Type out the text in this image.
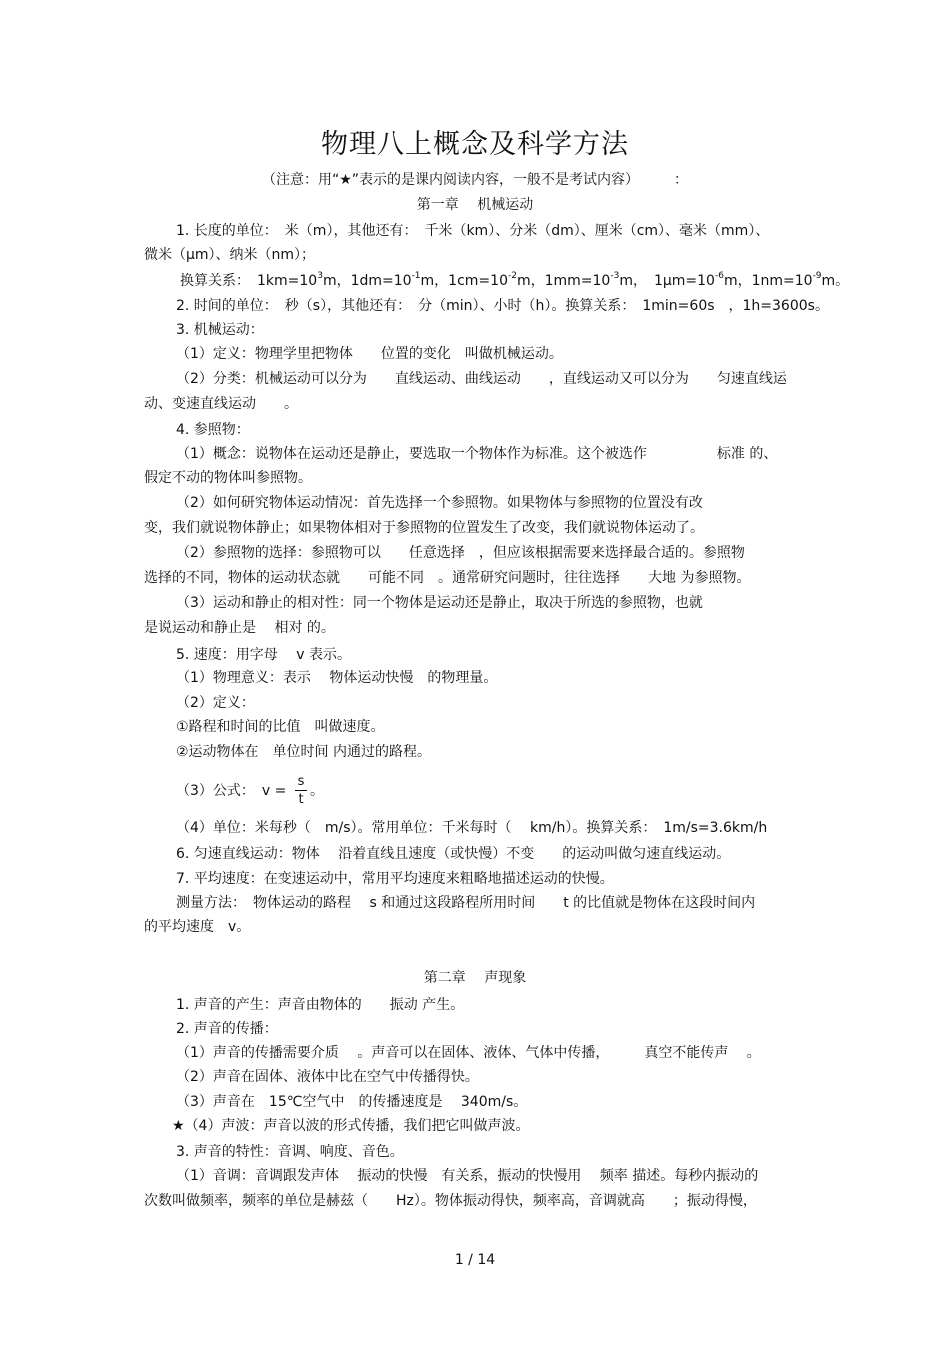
物理八上概念及科学方法
（注意：用“★”表示的是课内阅读内容，一般不是考试内容）　　　：
第一章　 机械运动
1. 长度的单位：　米（m），其他还有：　千米（km）、分米（dm）、厘米（cm）、毫米（mm）、
微米（μm）、纳米（nm）；
换算关系：　$1km=10^3m$，$1dm=10^{-1}m$，$1cm=10^{-2}m$，$1mm=10^{-3}m$，　$1\mu m=10^{-6}m$，$1nm=10^{-9}m$。
2. 时间的单位：　秒（s），其他还有：　分（min）、小时（h）。换算关系：　1min=60s　，1h=3600s。
3. 机械运动：
（1）定义：物理学里把物体　　位置的变化　叫做机械运动。
（2）分类：机械运动可以分为　　直线运动、曲线运动　　，直线运动又可以分为　　匀速直线运
动、变速直线运动　　。
4. 参照物：
（1）概念：说物体在运动还是静止，要选取一个物体作为标准。这个被选作　　　　　标准 的、
假定不动的物体叫参照物。
（2）如何研究物体运动情况：首先选择一个参照物。如果物体与参照物的位置没有改
变，我们就说物体静止；如果物体相对于参照物的位置发生了改变，我们就说物体运动了。
（2）参照物的选择：参照物可以　　任意选择　，但应该根据需要来选择最合适的。参照物
选择的不同，物体的运动状态就　　可能不同　。通常研究问题时，往往选择　　大地 为参照物。
（3）运动和静止的相对性：同一个物体是运动还是静止，取决于所选的参照物，也就
是说运动和静止是　 相对 的。
5. 速度：用字母　 v 表示。
（1）物理意义：表示　 物体运动快慢　的物理量。
（2）定义：
①路程和时间的比值　叫做速度。
②运动物体在　单位时间 内通过的路程。
（3）公式：　v =
s
t
。
（4）单位：米每秒（　m/s）。常用单位：千米每时（　 km/h）。换算关系：　1m/s=3.6km/h
6. 匀速直线运动：物体　 沿着直线且速度（或快慢）不变　　的运动叫做匀速直线运动。
7. 平均速度：在变速运动中，常用平均速度来粗略地描述运动的快慢。
测量方法：　物体运动的路程　 s 和通过这段路程所用时间　　t 的比值就是物体在这段时间内
的平均速度　v。
第二章　 声现象
1. 声音的产生：声音由物体的　　振动 产生。
2. 声音的传播：
（1）声音的传播需要介质　 。声音可以在固体、液体、气体中传播，　　　真空不能传声　 。
（2）声音在固体、液体中比在空气中传播得快。
（3）声音在　15℃空气中　的传播速度是　 340m/s。
★（4）声波：声音以波的形式传播，我们把它叫做声波。
3. 声音的特性：音调、响度、音色。
（1）音调：音调跟发声体　 振动的快慢　有关系，振动的快慢用　 频率 描述。每秒内振动的
次数叫做频率，频率的单位是赫兹（　　Hz）。物体振动得快，频率高，音调就高　　；振动得慢，
1 / 14
